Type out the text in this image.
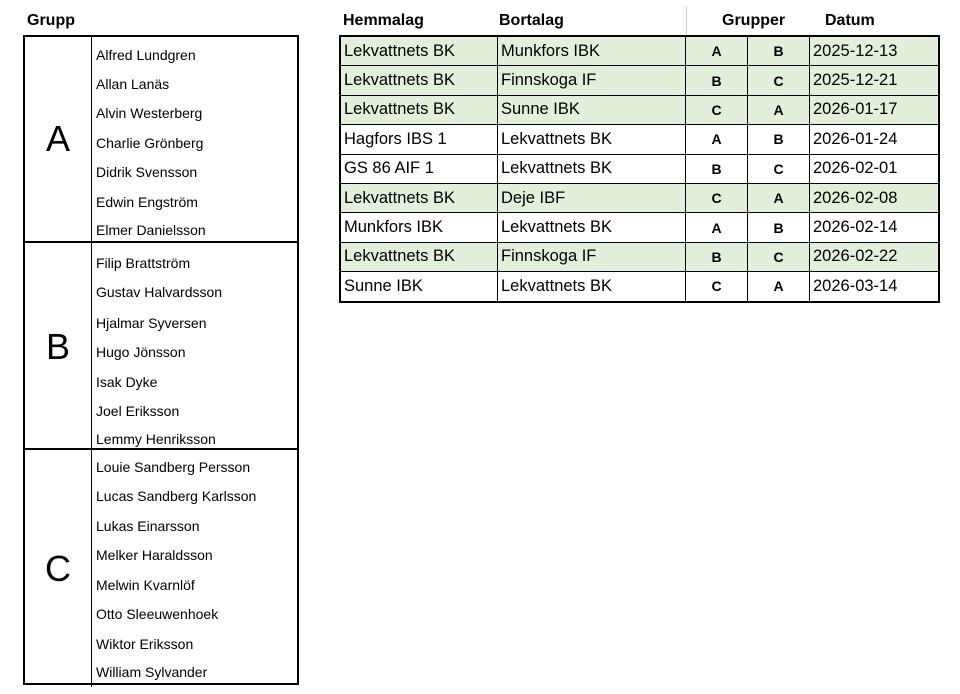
Grupp	Hemmalag	Bortalag	Grupper Datum
A
Alfred Lundgren
Allan Lanäs
Alvin Westerberg
Charlie Grönberg
Didrik Svensson
Edwin Engström
Elmer Danielsson
B
Filip Brattström
Gustav Halvardsson
Hjalmar Syversen
Hugo Jönsson
Isak Dyke
Joel Eriksson
Lemmy Henriksson
C
Louie Sandberg Persson
Lucas Sandberg Karlsson
Lukas Einarsson
Melker Haraldsson
Melwin Kvarnlöf
Otto Sleeuwenhoek
Wiktor Eriksson
William Sylvander
Lekvattnets BK	Munkfors IBK	A	B	2025-12-13
Lekvattnets BK	Finnskoga IF	B	C	2025-12-21
Lekvattnets BK	Sunne IBK	C	A	2026-01-17
Hagfors IBS 1	Lekvattnets BK	A	B	2026-01-24
GS 86 AIF 1	Lekvattnets BK	B	C	2026-02-01
Lekvattnets BK	Deje IBF	C	A	2026-02-08
Munkfors IBK	Lekvattnets BK	A	B	2026-02-14
Lekvattnets BK	Finnskoga IF	B	C	2026-02-22
Sunne IBK	Lekvattnets BK	C	A	2026-03-14
